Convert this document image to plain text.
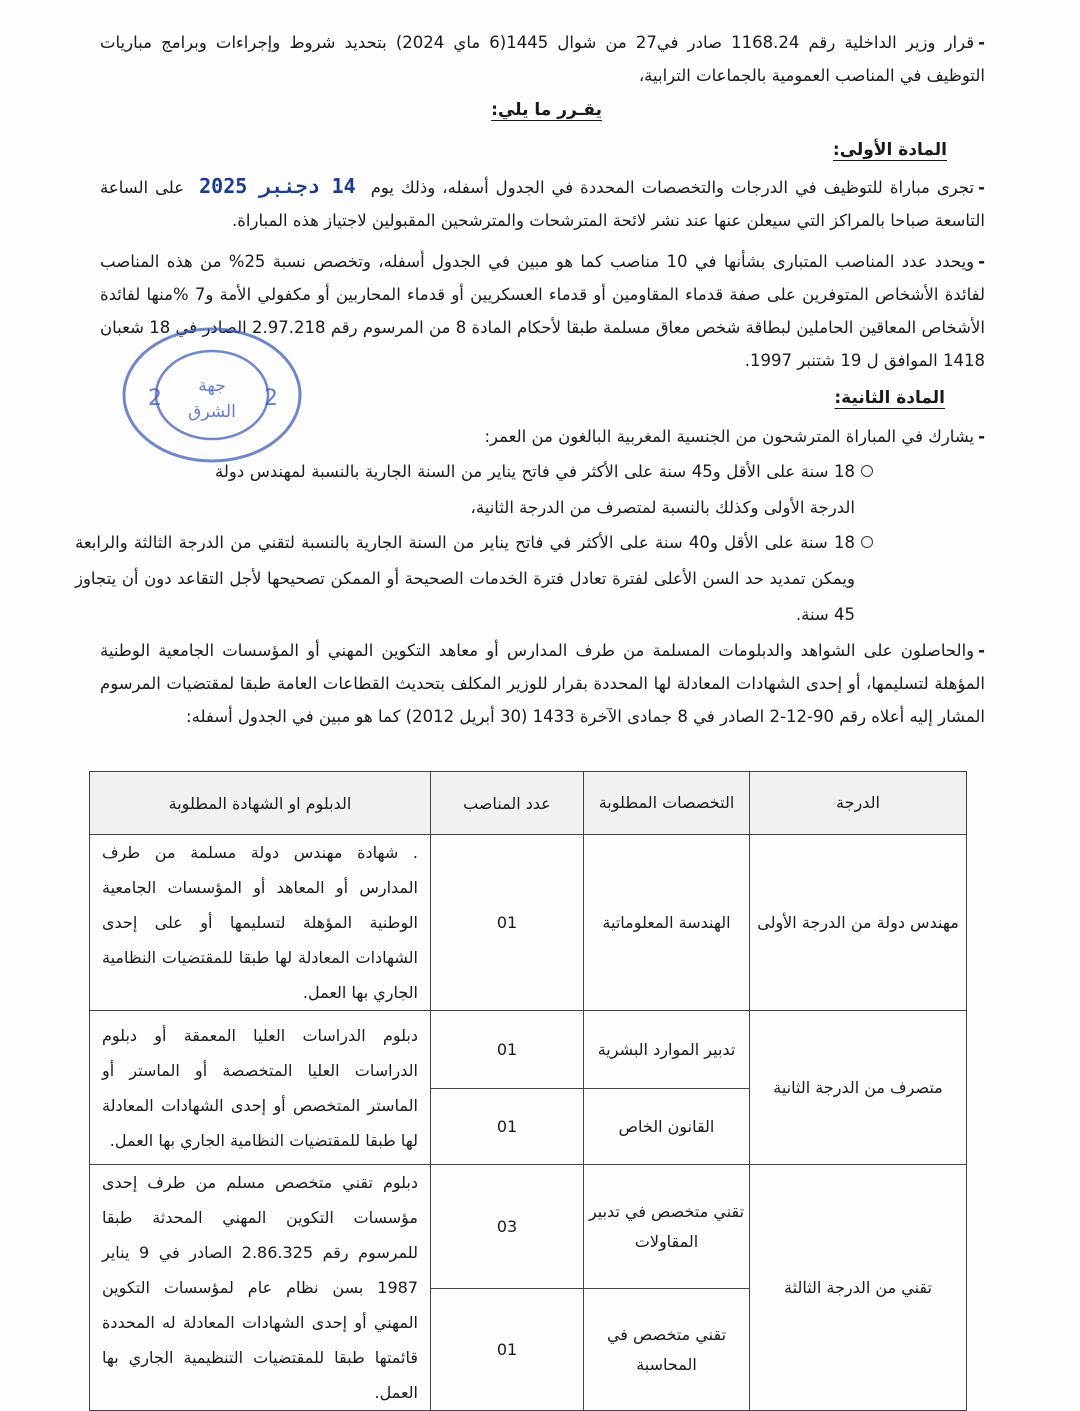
-قرار وزير الداخلية رقم 1168.24 صادر في27 من شوال 1445(6 ماي 2024) بتحديد شروط وإجراءات وبرامج مباريات التوظيف في المناصب العمومية بالجماعات الترابية،
يقـرر ما يلي:
المادة الأولى:
-تجرى مباراة للتوظيف في الدرجات والتخصصات المحددة في الجدول أسفله، وذلك يوم 14 دجنبر 2025 على الساعة التاسعة صباحا بالمراكز التي سيعلن عنها عند نشر لائحة المترشحات والمترشحين المقبولين لاجتياز هذه المباراة.
-ويحدد عدد المناصب المتبارى بشأنها في 10 مناصب كما هو مبين في الجدول أسفله، وتخصص نسبة 25% من هذه المناصب لفائدة الأشخاص المتوفرين على صفة قدماء المقاومين أو قدماء العسكريين أو قدماء المحاربين أو مكفولي الأمة و7 %منها لفائدة الأشخاص المعاقين الحاملين لبطاقة شخص معاق مسلمة طبقا لأحكام المادة 8 من المرسوم رقم 2.97.218 الصادر في 18 شعبان 1418 الموافق ل 19 شتنبر 1997.
المادة الثانية:
-يشارك في المباراة المترشحون من الجنسية المغربية البالغون من العمر:
18 سنة على الأقل و45 سنة على الأكثر في فاتح يناير من السنة الجارية بالنسبة لمهندس دولة الدرجة الأولى وكذلك بالنسبة لمتصرف من الدرجة الثانية،
18 سنة على الأقل و40 سنة على الأكثر في فاتح يناير من السنة الجارية بالنسبة لتقني من الدرجة الثالثة والرابعة ويمكن تمديد حد السن الأعلى لفترة تعادل فترة الخدمات الصحيحة أو الممكن تصحيحها لأجل التقاعد دون أن يتجاوز 45 سنة.
-والحاصلون على الشواهد والدبلومات المسلمة من طرف المدارس أو معاهد التكوين المهني أو المؤسسات الجامعية الوطنية المؤهلة لتسليمها، أو إحدى الشهادات المعادلة لها المحددة بقرار للوزير المكلف بتحديث القطاعات العامة طبقا لمقتضيات المرسوم المشار إليه أعلاه رقم 90-12-2 الصادر في 8 جمادى الآخرة 1433 (30 أبريل 2012) كما هو مبين في الجدول أسفله:
2	2
جهة
الشرق
الدرجة	التخصصات المطلوبة	عدد المناصب	الدبلوم او الشهادة المطلوبة
مهندس دولة من الدرجة الأولى	الهندسة المعلوماتية	01	. شهادة مهندس دولة مسلمة من طرف المدارس أو المعاهد أو المؤسسات الجامعية الوطنية المؤهلة لتسليمها أو على إحدى الشهادات المعادلة لها طبقا للمقتضيات النظامية الجاري بها العمل.
متصرف من الدرجة الثانية	تدبير الموارد البشرية	01	دبلوم الدراسات العليا المعمقة أو دبلوم الدراسات العليا المتخصصة أو الماستر أو الماستر المتخصص أو إحدى الشهادات المعادلة لها طبقا للمقتضيات النظامية الجاري بها العمل.
	القانون الخاص	01	
تقني من الدرجة الثالثة	تقني متخصص في تدبير المقاولات	03	دبلوم تقني متخصص مسلم من طرف إحدى مؤسسات التكوين المهني المحدثة طبقا للمرسوم رقم 2.86.325 الصادر في 9 يناير 1987 بسن نظام عام لمؤسسات التكوين المهني أو إحدى الشهادات المعادلة له المحددة قائمتها طبقا للمقتضيات التنظيمية الجاري بها العمل.
	تقني متخصص في المحاسبة	01	
